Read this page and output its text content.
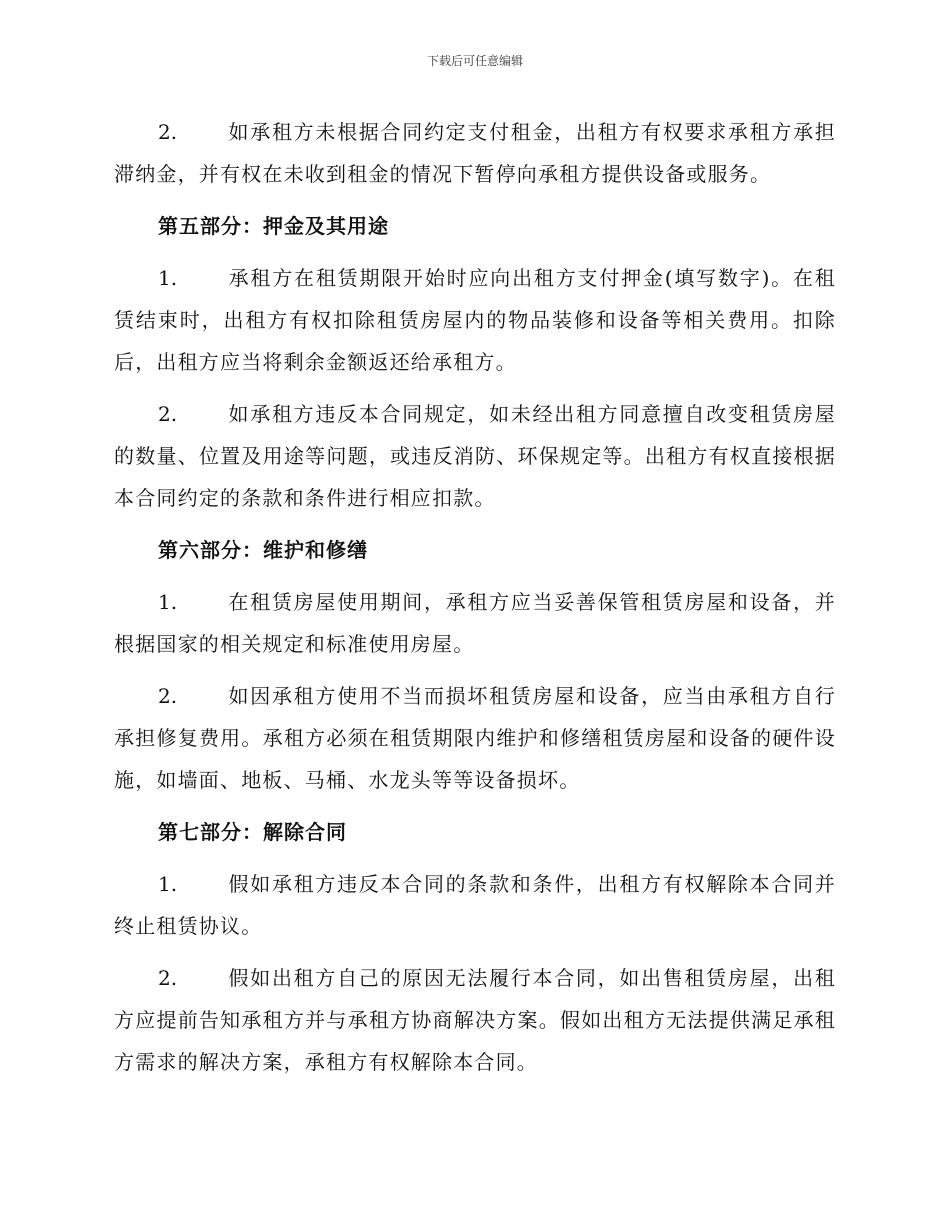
下载后可任意编辑

2.	如承租方未根据合同约定支付租金，出租方有权要求承租方承担滞纳金，并有权在未收到租金的情况下暂停向承租方提供设备或服务。

第五部分：押金及其用途

1.	承租方在租赁期限开始时应向出租方支付押金(填写数字)。在租赁结束时，出租方有权扣除租赁房屋内的物品装修和设备等相关费用。扣除后，出租方应当将剩余金额返还给承租方。

2.	如承租方违反本合同规定，如未经出租方同意擅自改变租赁房屋的数量、位置及用途等问题，或违反消防、环保规定等。出租方有权直接根据本合同约定的条款和条件进行相应扣款。

第六部分：维护和修缮

1.	在租赁房屋使用期间，承租方应当妥善保管租赁房屋和设备，并根据国家的相关规定和标准使用房屋。

2.	如因承租方使用不当而损坏租赁房屋和设备，应当由承租方自行承担修复费用。承租方必须在租赁期限内维护和修缮租赁房屋和设备的硬件设施，如墙面、地板、马桶、水龙头等等设备损坏。

第七部分：解除合同

1.	假如承租方违反本合同的条款和条件，出租方有权解除本合同并终止租赁协议。

2.	假如出租方自己的原因无法履行本合同，如出售租赁房屋，出租方应提前告知承租方并与承租方协商解决方案。假如出租方无法提供满足承租方需求的解决方案，承租方有权解除本合同。
